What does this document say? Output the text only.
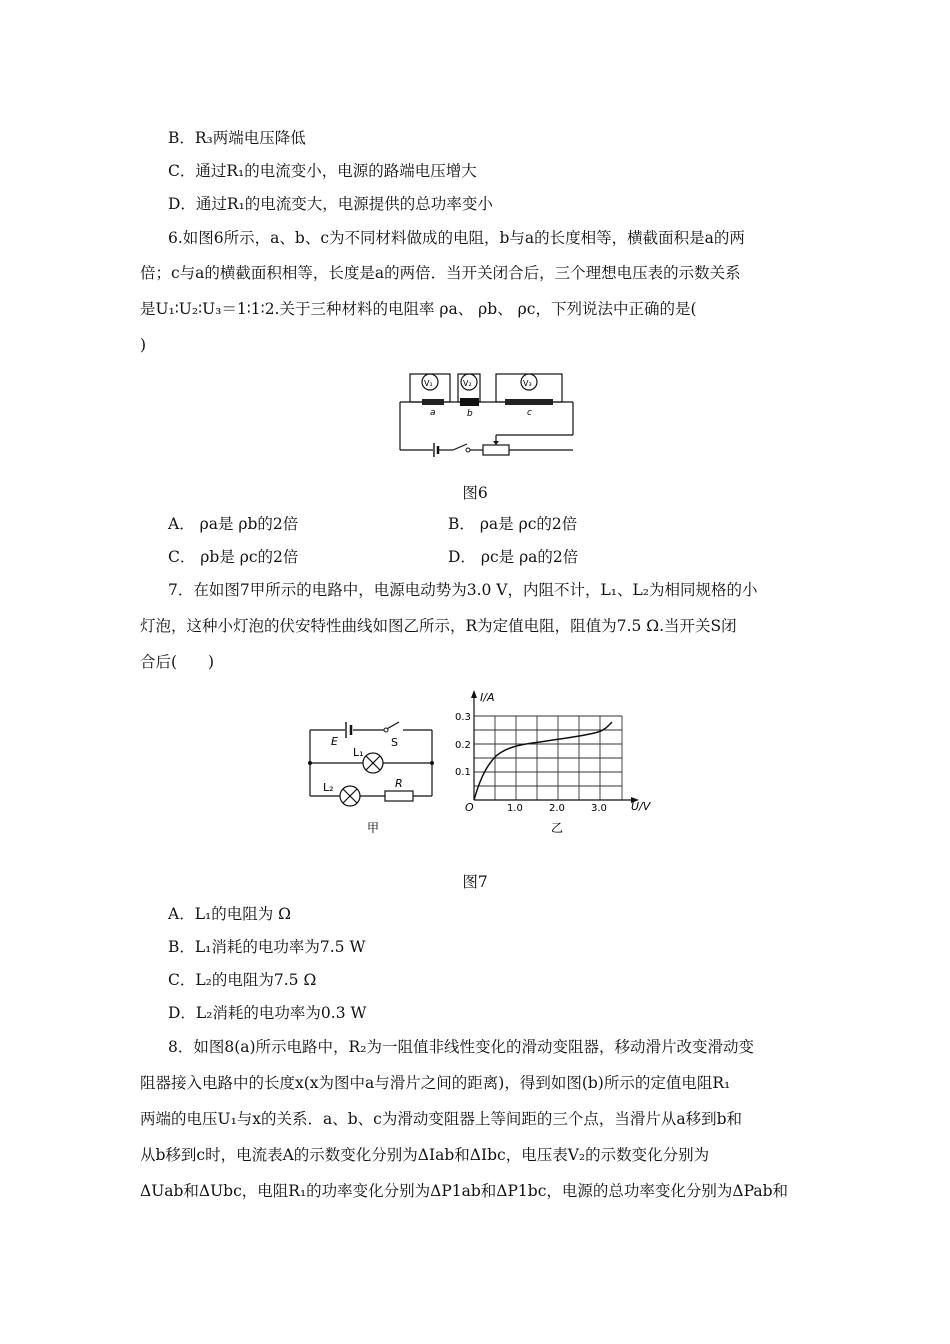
B．R₃两端电压降低
C．通过R₁的电流变小，电源的路端电压增大
D．通过R₁的电流变大，电源提供的总功率变小
6.如图6所示，a、b、c为不同材料做成的电阻，b与a的长度相等，横截面积是a的两
倍；c与a的横截面积相等，长度是a的两倍．当开关闭合后，三个理想电压表的示数关系
是U₁∶U₂∶U₃＝1∶1∶2.关于三种材料的电阻率 ρa、 ρb、 ρc，下列说法中正确的是(
)
V₁	V₂	V₃
a	b	c
图6
A． ρa是 ρb的2倍	B． ρa是 ρc的2倍
C． ρb是 ρc的2倍	D． ρc是 ρa的2倍
7．在如图7甲所示的电路中，电源电动势为3.0 V，内阻不计，L₁、L₂为相同规格的小
灯泡，这种小灯泡的伏安特性曲线如图乙所示，R为定值电阻，阻值为7.5 Ω.当开关S闭
合后(　　)
E	S
L₁
L₂	R
甲
I/A
U/V
O
0.1
0.2
0.3
1.0	2.0	3.0
乙
图7
A．L₁的电阻为 Ω
B．L₁消耗的电功率为7.5 W
C．L₂的电阻为7.5 Ω
D．L₂消耗的电功率为0.3 W
8．如图8(a)所示电路中，R₂为一阻值非线性变化的滑动变阻器，移动滑片改变滑动变
阻器接入电路中的长度x(x为图中a与滑片之间的距离)，得到如图(b)所示的定值电阻R₁
两端的电压U₁与x的关系．a、b、c为滑动变阻器上等间距的三个点，当滑片从a移到b和
从b移到c时，电流表A的示数变化分别为ΔIab和ΔIbc，电压表V₂的示数变化分别为
ΔUab和ΔUbc，电阻R₁的功率变化分别为ΔP1ab和ΔP1bc，电源的总功率变化分别为ΔPab和
